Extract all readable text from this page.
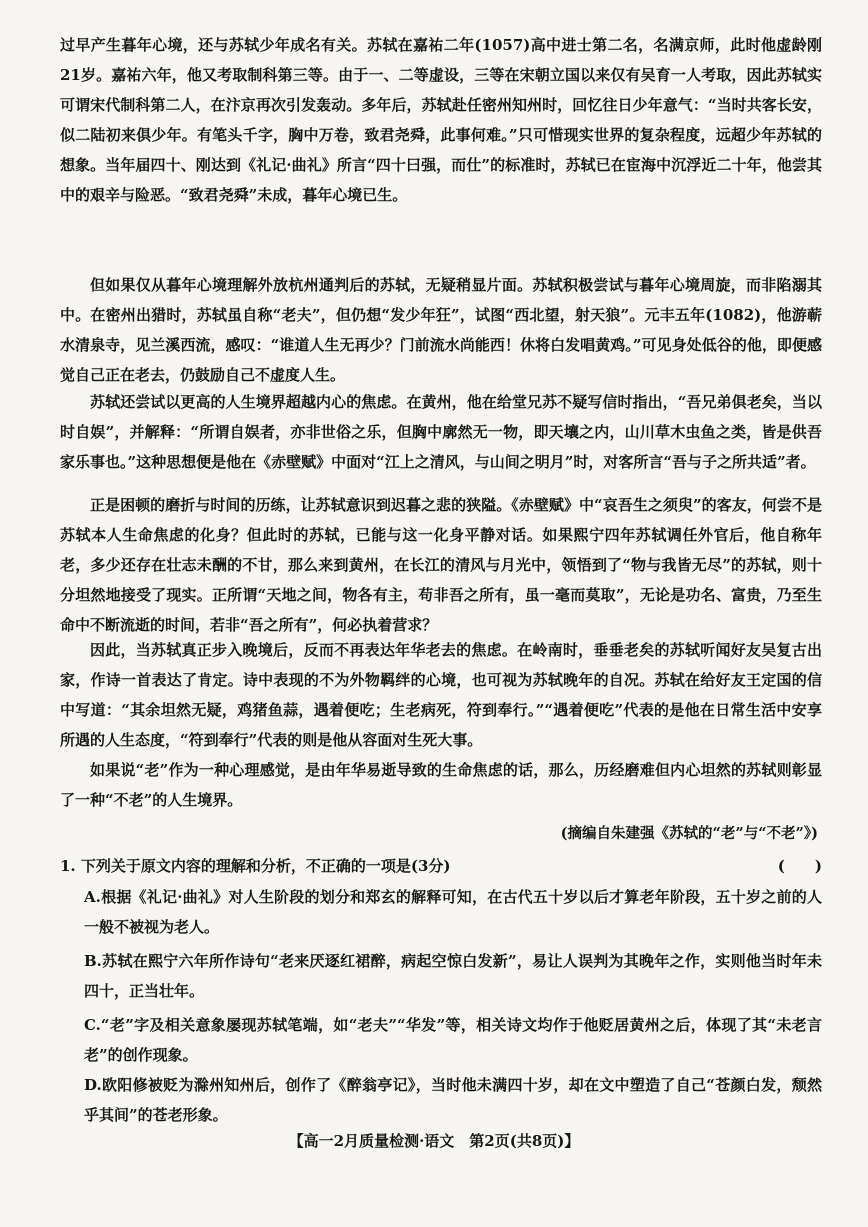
过早产生暮年心境，还与苏轼少年成名有关。苏轼在嘉祐二年(1057)高中进士第二名，名满京师，此时他虚龄刚21岁。嘉祐六年，他又考取制科第三等。由于一、二等虚设，三等在宋朝立国以来仅有吴育一人考取，因此苏轼实可谓宋代制科第二人，在汴京再次引发轰动。多年后，苏轼赴任密州知州时，回忆往日少年意气：“当时共客长安，似二陆初来俱少年。有笔头千字，胸中万卷，致君尧舜，此事何难。”只可惜现实世界的复杂程度，远超少年苏轼的想象。当年届四十、刚达到《礼记·曲礼》所言“四十曰强，而仕”的标准时，苏轼已在宦海中沉浮近二十年，他尝其中的艰辛与险恶。“致君尧舜”未成，暮年心境已生。

但如果仅从暮年心境理解外放杭州通判后的苏轼，无疑稍显片面。苏轼积极尝试与暮年心境周旋，而非陷溺其中。在密州出猎时，苏轼虽自称“老夫”，但仍想“发少年狂”，试图“西北望，射天狼”。元丰五年(1082)，他游蕲水清泉寺，见兰溪西流，感叹：“谁道人生无再少？门前流水尚能西！休将白发唱黄鸡。”可见身处低谷的他，即便感觉自己正在老去，仍鼓励自己不虚度人生。

苏轼还尝试以更高的人生境界超越内心的焦虑。在黄州，他在给堂兄苏不疑写信时指出，“吾兄弟俱老矣，当以时自娱”，并解释：“所谓自娱者，亦非世俗之乐，但胸中廓然无一物，即天壤之内，山川草木虫鱼之类，皆是供吾家乐事也。”这种思想便是他在《赤壁赋》中面对“江上之清风，与山间之明月”时，对客所言“吾与子之所共适”者。

正是困顿的磨折与时间的历练，让苏轼意识到迟暮之悲的狭隘。《赤壁赋》中“哀吾生之须臾”的客友，何尝不是苏轼本人生命焦虑的化身？但此时的苏轼，已能与这一化身平静对话。如果熙宁四年苏轼调任外官后，他自称年老，多少还存在壮志未酬的不甘，那么来到黄州，在长江的清风与月光中，领悟到了“物与我皆无尽”的苏轼，则十分坦然地接受了现实。正所谓“天地之间，物各有主，苟非吾之所有，虽一毫而莫取”，无论是功名、富贵，乃至生命中不断流逝的时间，若非“吾之所有”，何必执着营求？

因此，当苏轼真正步入晚境后，反而不再表达年华老去的焦虑。在岭南时，垂垂老矣的苏轼听闻好友吴复古出家，作诗一首表达了肯定。诗中表现的不为外物羁绊的心境，也可视为苏轼晚年的自况。苏轼在给好友王定国的信中写道：“其余坦然无疑，鸡猪鱼蒜，遇着便吃；生老病死，符到奉行。”“遇着便吃”代表的是他在日常生活中安享所遇的人生态度，“符到奉行”代表的则是他从容面对生死大事。

如果说“老”作为一种心理感觉，是由年华易逝导致的生命焦虑的话，那么，历经磨难但内心坦然的苏轼则彰显了一种“不老”的人生境界。

(摘编自朱建强《苏轼的“老”与“不老”》)

1. 下列关于原文内容的理解和分析，不正确的一项是(3分)	(　　)

A.根据《礼记·曲礼》对人生阶段的划分和郑玄的解释可知，在古代五十岁以后才算老年阶段，五十岁之前的人一般不被视为老人。

B.苏轼在熙宁六年所作诗句“老来厌逐红裙醉，病起空惊白发新”，易让人误判为其晚年之作，实则他当时年未四十，正当壮年。

C.“老”字及相关意象屡现苏轼笔端，如“老夫”“华发”等，相关诗文均作于他贬居黄州之后，体现了其“未老言老”的创作现象。

D.欧阳修被贬为滁州知州后，创作了《醉翁亭记》，当时他未满四十岁，却在文中塑造了自己“苍颜白发，颓然乎其间”的苍老形象。

【高一2月质量检测·语文　第2页(共8页)】
